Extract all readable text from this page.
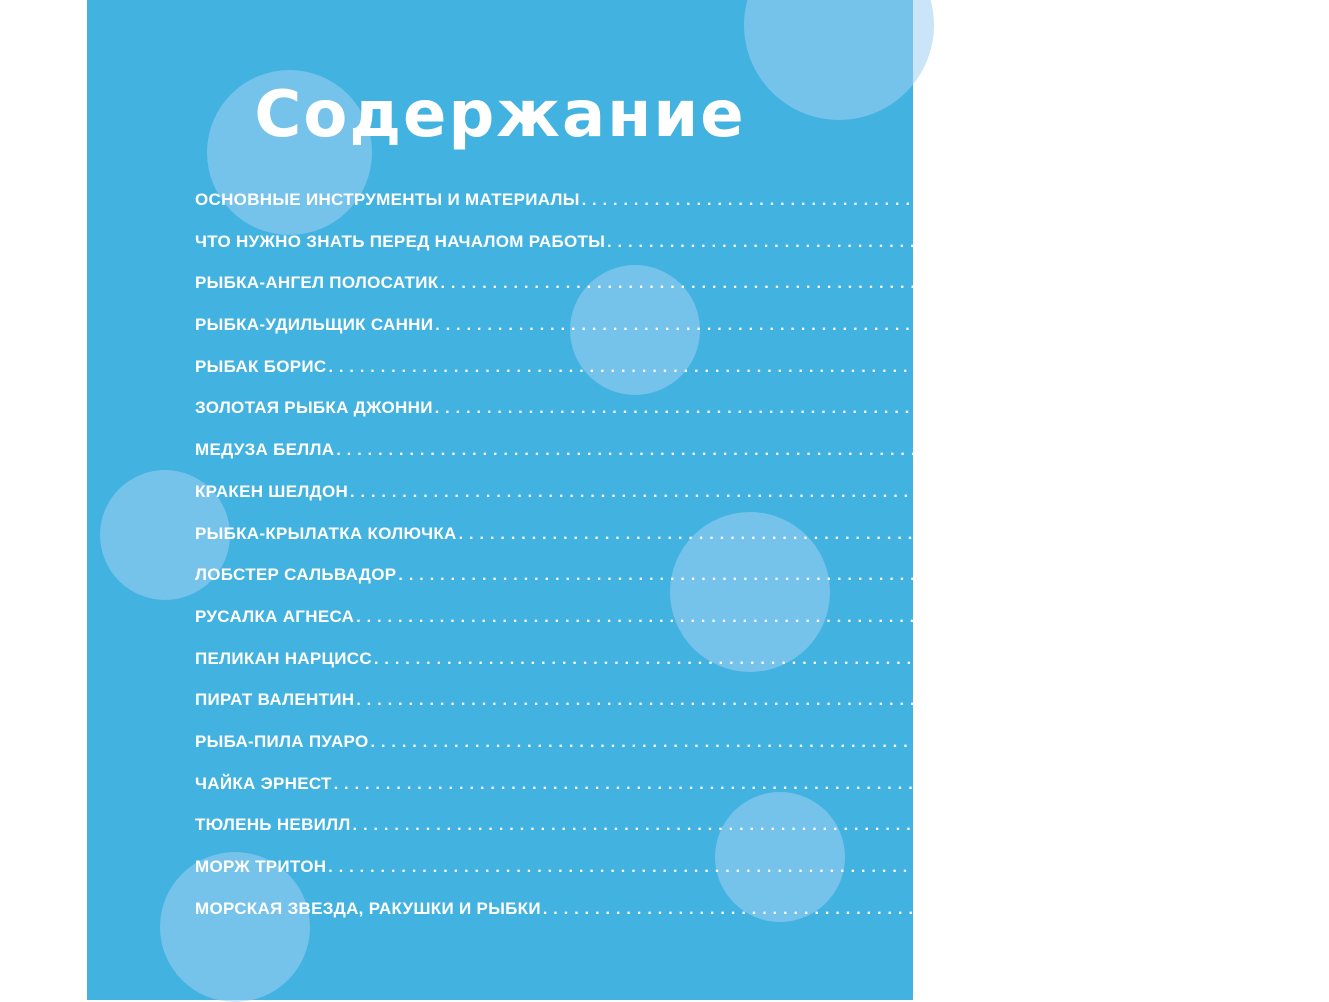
Содержание
ОСНОВНЫЕ ИНСТРУМЕНТЫ И МАТЕРИАЛЫ ................................................................... 6
ЧТО НУЖНО ЗНАТЬ ПЕРЕД НАЧАЛОМ РАБОТЫ ................................................................... 7
РЫБКА-АНГЕЛ ПОЛОСАТИК ................................................................... 16
РЫБКА-УДИЛЬЩИК САННИ ................................................................... 24
РЫБАК БОРИС ................................................................... 32
ЗОЛОТАЯ РЫБКА ДЖОННИ ................................................................... 40
МЕДУЗА БЕЛЛА ................................................................... 48
КРАКЕН ШЕЛДОН ................................................................... 54
РЫБКА-КРЫЛАТКА КОЛЮЧКА ................................................................... 60
ЛОБСТЕР САЛЬВАДОР ................................................................... 68
РУСАЛКА АГНЕСА ................................................................... 78
ПЕЛИКАН НАРЦИСС ................................................................... 86
ПИРАТ ВАЛЕНТИН ................................................................... 94
РЫБА-ПИЛА ПУАРО ................................................................... 102
ЧАЙКА ЭРНЕСТ ................................................................... 110
ТЮЛЕНЬ НЕВИЛЛ ................................................................... 118
МОРЖ ТРИТОН ................................................................... 124
МОРСКАЯ ЗВЕЗДА, РАКУШКИ И РЫБКИ ................................................................... 130
